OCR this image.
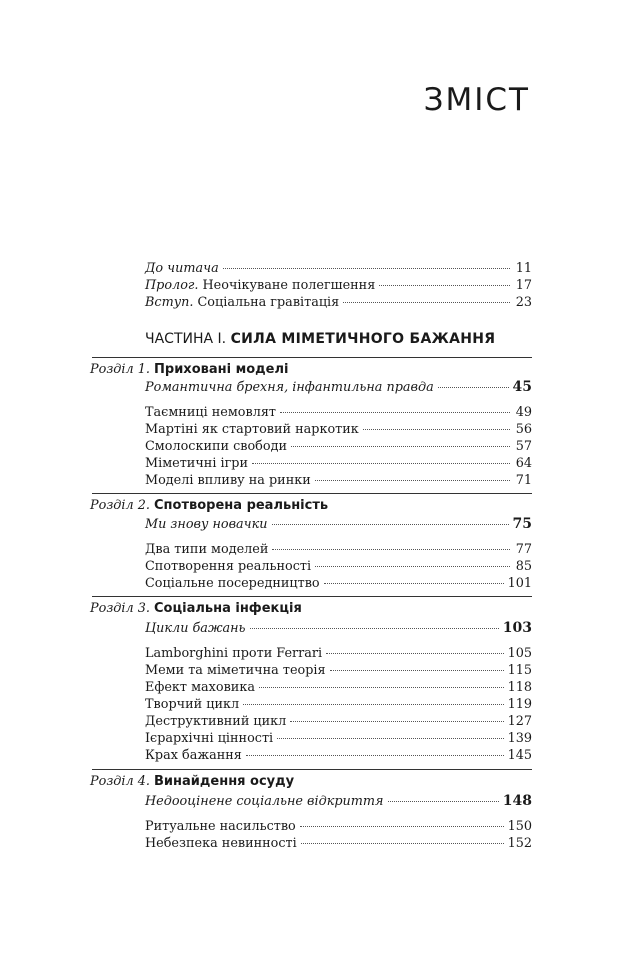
ЗМІСТ
До читача	11
Пролог. Неочікуване полегшення	17
Вступ. Соціальна гравітація	23
ЧАСТИНА І. СИЛА МІМЕТИЧНОГО БАЖАННЯ
Розділ 1. Приховані моделі
Романтична брехня, інфантильна правда	45
Таємниці немовлят	49
Мартіні як стартовий наркотик	56
Смолоскипи свободи	57
Міметичні ігри	64
Моделі впливу на ринки	71
Розділ 2. Спотворена реальність
Ми знову новачки	75
Два типи моделей	77
Спотворення реальності	85
Соціальне посередництво	101
Розділ 3. Соціальна інфекція
Цикли бажань	103
Lamborghini проти Ferrari	105
Меми та міметична теорія	115
Ефект маховика	118
Творчий цикл	119
Деструктивний цикл	127
Ієрархічні цінності	139
Крах бажання	145
Розділ 4. Винайдення осуду
Недооцінене соціальне відкриття	148
Ритуальне насильство	150
Небезпека невинності	152
